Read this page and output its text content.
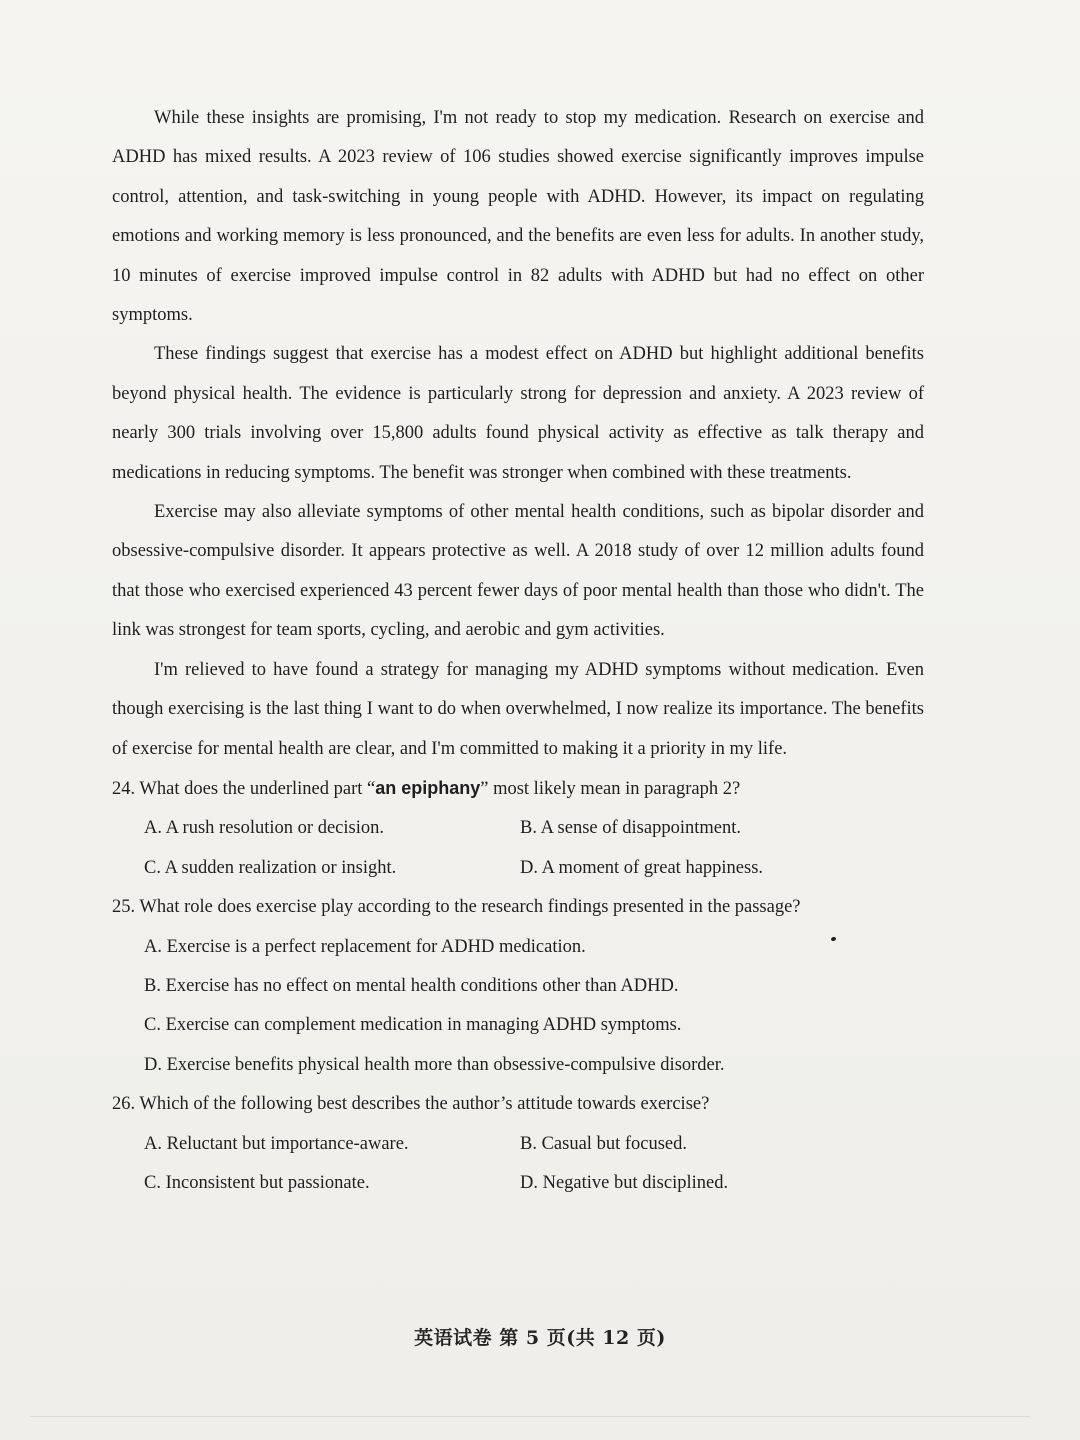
While these insights are promising, I'm not ready to stop my medication. Research on exercise and ADHD has mixed results. A 2023 review of 106 studies showed exercise significantly improves impulse control, attention, and task-switching in young people with ADHD. However, its impact on regulating emotions and working memory is less pronounced, and the benefits are even less for adults. In another study, 10 minutes of exercise improved impulse control in 82 adults with ADHD but had no effect on other symptoms.

These findings suggest that exercise has a modest effect on ADHD but highlight additional benefits beyond physical health. The evidence is particularly strong for depression and anxiety. A 2023 review of nearly 300 trials involving over 15,800 adults found physical activity as effective as talk therapy and medications in reducing symptoms. The benefit was stronger when combined with these treatments.

Exercise may also alleviate symptoms of other mental health conditions, such as bipolar disorder and obsessive-compulsive disorder. It appears protective as well. A 2018 study of over 12 million adults found that those who exercised experienced 43 percent fewer days of poor mental health than those who didn't. The link was strongest for team sports, cycling, and aerobic and gym activities.

I'm relieved to have found a strategy for managing my ADHD symptoms without medication. Even though exercising is the last thing I want to do when overwhelmed, I now realize its importance. The benefits of exercise for mental health are clear, and I'm committed to making it a priority in my life.

24. What does the underlined part “an epiphany” most likely mean in paragraph 2?
A. A rush resolution or decision.	B. A sense of disappointment.
C. A sudden realization or insight.	D. A moment of great happiness.
25. What role does exercise play according to the research findings presented in the passage?
A. Exercise is a perfect replacement for ADHD medication.
B. Exercise has no effect on mental health conditions other than ADHD.
C. Exercise can complement medication in managing ADHD symptoms.
D. Exercise benefits physical health more than obsessive-compulsive disorder.
26. Which of the following best describes the author’s attitude towards exercise?
A. Reluctant but importance-aware.	B. Casual but focused.
C. Inconsistent but passionate.	D. Negative but disciplined.
英语试卷 第 5 页(共 12 页)
